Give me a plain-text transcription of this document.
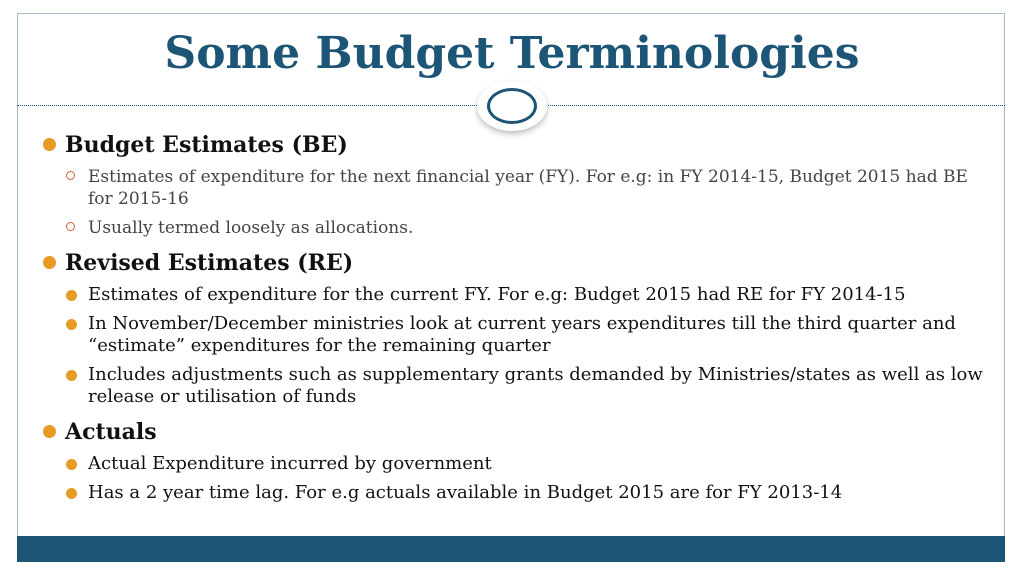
Some Budget Terminologies
Budget Estimates (BE)
Estimates of expenditure for the next financial year (FY). For e.g: in FY 2014-15, Budget 2015 had BE for 2015-16
Usually termed loosely as allocations.
Revised Estimates (RE)
Estimates of expenditure for the current FY. For e.g: Budget 2015 had RE for FY 2014-15
In November/December ministries look at current years expenditures till the third quarter and “estimate” expenditures for the remaining quarter
Includes adjustments such as supplementary grants demanded by Ministries/states as well as low release or utilisation of funds
Actuals
Actual Expenditure incurred by government
Has a 2 year time lag. For e.g actuals available in Budget 2015 are for FY 2013-14
